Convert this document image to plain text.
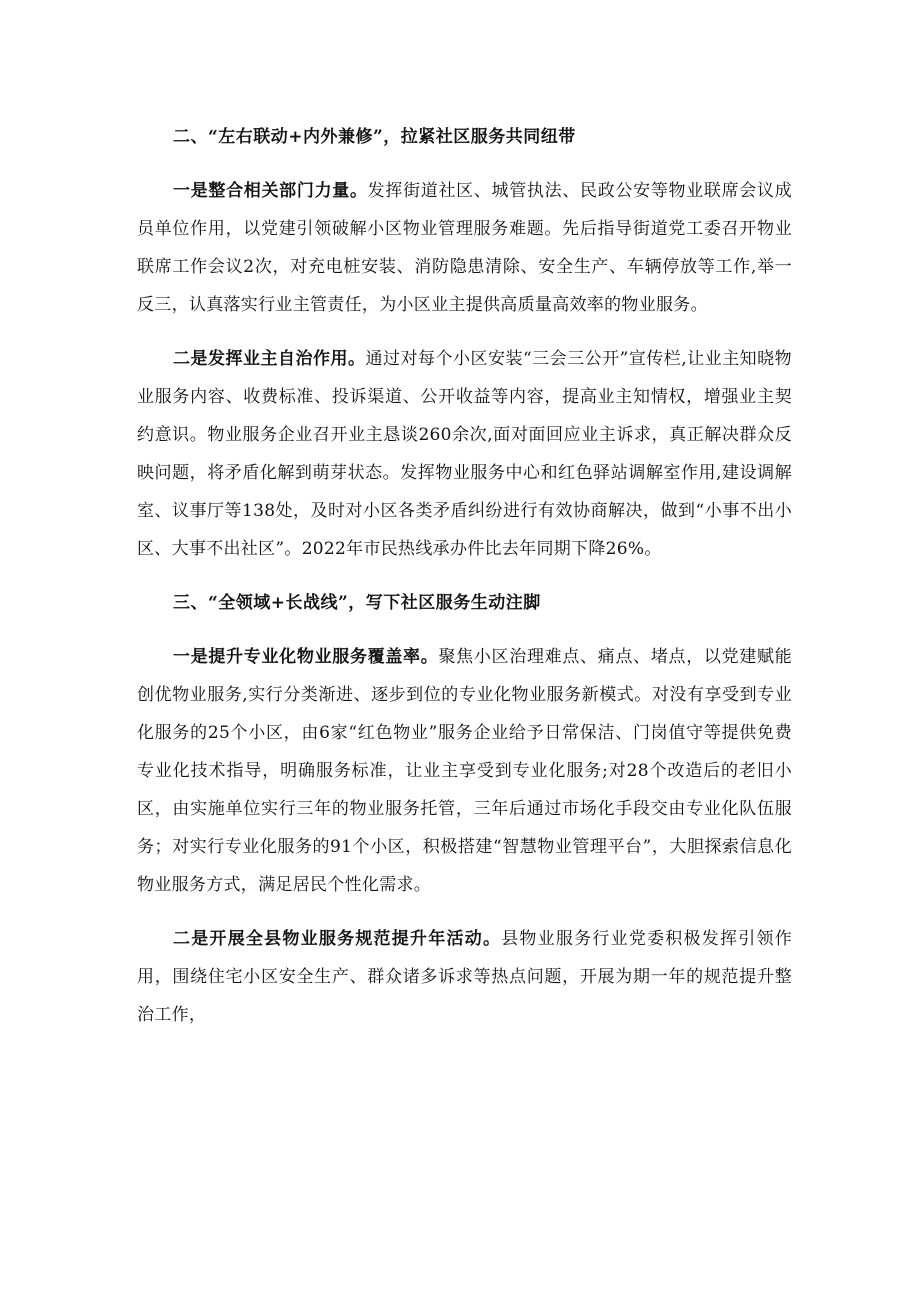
二、“左右联动+内外兼修”，拉紧社区服务共同纽带

一是整合相关部门力量。发挥街道社区、城管执法、民政公安等物业联席会议成员单位作用，以党建引领破解小区物业管理服务难题。先后指导街道党工委召开物业联席工作会议2次，对充电桩安装、消防隐患清除、安全生产、车辆停放等工作,举一反三，认真落实行业主管责任，为小区业主提供高质量高效率的物业服务。

二是发挥业主自治作用。通过对每个小区安装“三会三公开”宣传栏,让业主知晓物业服务内容、收费标准、投诉渠道、公开收益等内容，提高业主知情权，增强业主契约意识。物业服务企业召开业主恳谈260余次,面对面回应业主诉求，真正解决群众反映问题，将矛盾化解到萌芽状态。发挥物业服务中心和红色驿站调解室作用,建设调解室、议事厅等138处，及时对小区各类矛盾纠纷进行有效协商解决，做到“小事不出小区、大事不出社区”。2022年市民热线承办件比去年同期下降26%。

三、“全领域+长战线”，写下社区服务生动注脚

一是提升专业化物业服务覆盖率。聚焦小区治理难点、痛点、堵点，以党建赋能创优物业服务,实行分类渐进、逐步到位的专业化物业服务新模式。对没有享受到专业化服务的25个小区，由6家“红色物业”服务企业给予日常保洁、门岗值守等提供免费专业化技术指导，明确服务标准，让业主享受到专业化服务;对28个改造后的老旧小区，由实施单位实行三年的物业服务托管，三年后通过市场化手段交由专业化队伍服务；对实行专业化服务的91个小区，积极搭建“智慧物业管理平台”，大胆探索信息化物业服务方式，满足居民个性化需求。

二是开展全县物业服务规范提升年活动。县物业服务行业党委积极发挥引领作用，围绕住宅小区安全生产、群众诸多诉求等热点问题，开展为期一年的规范提升整治工作，
